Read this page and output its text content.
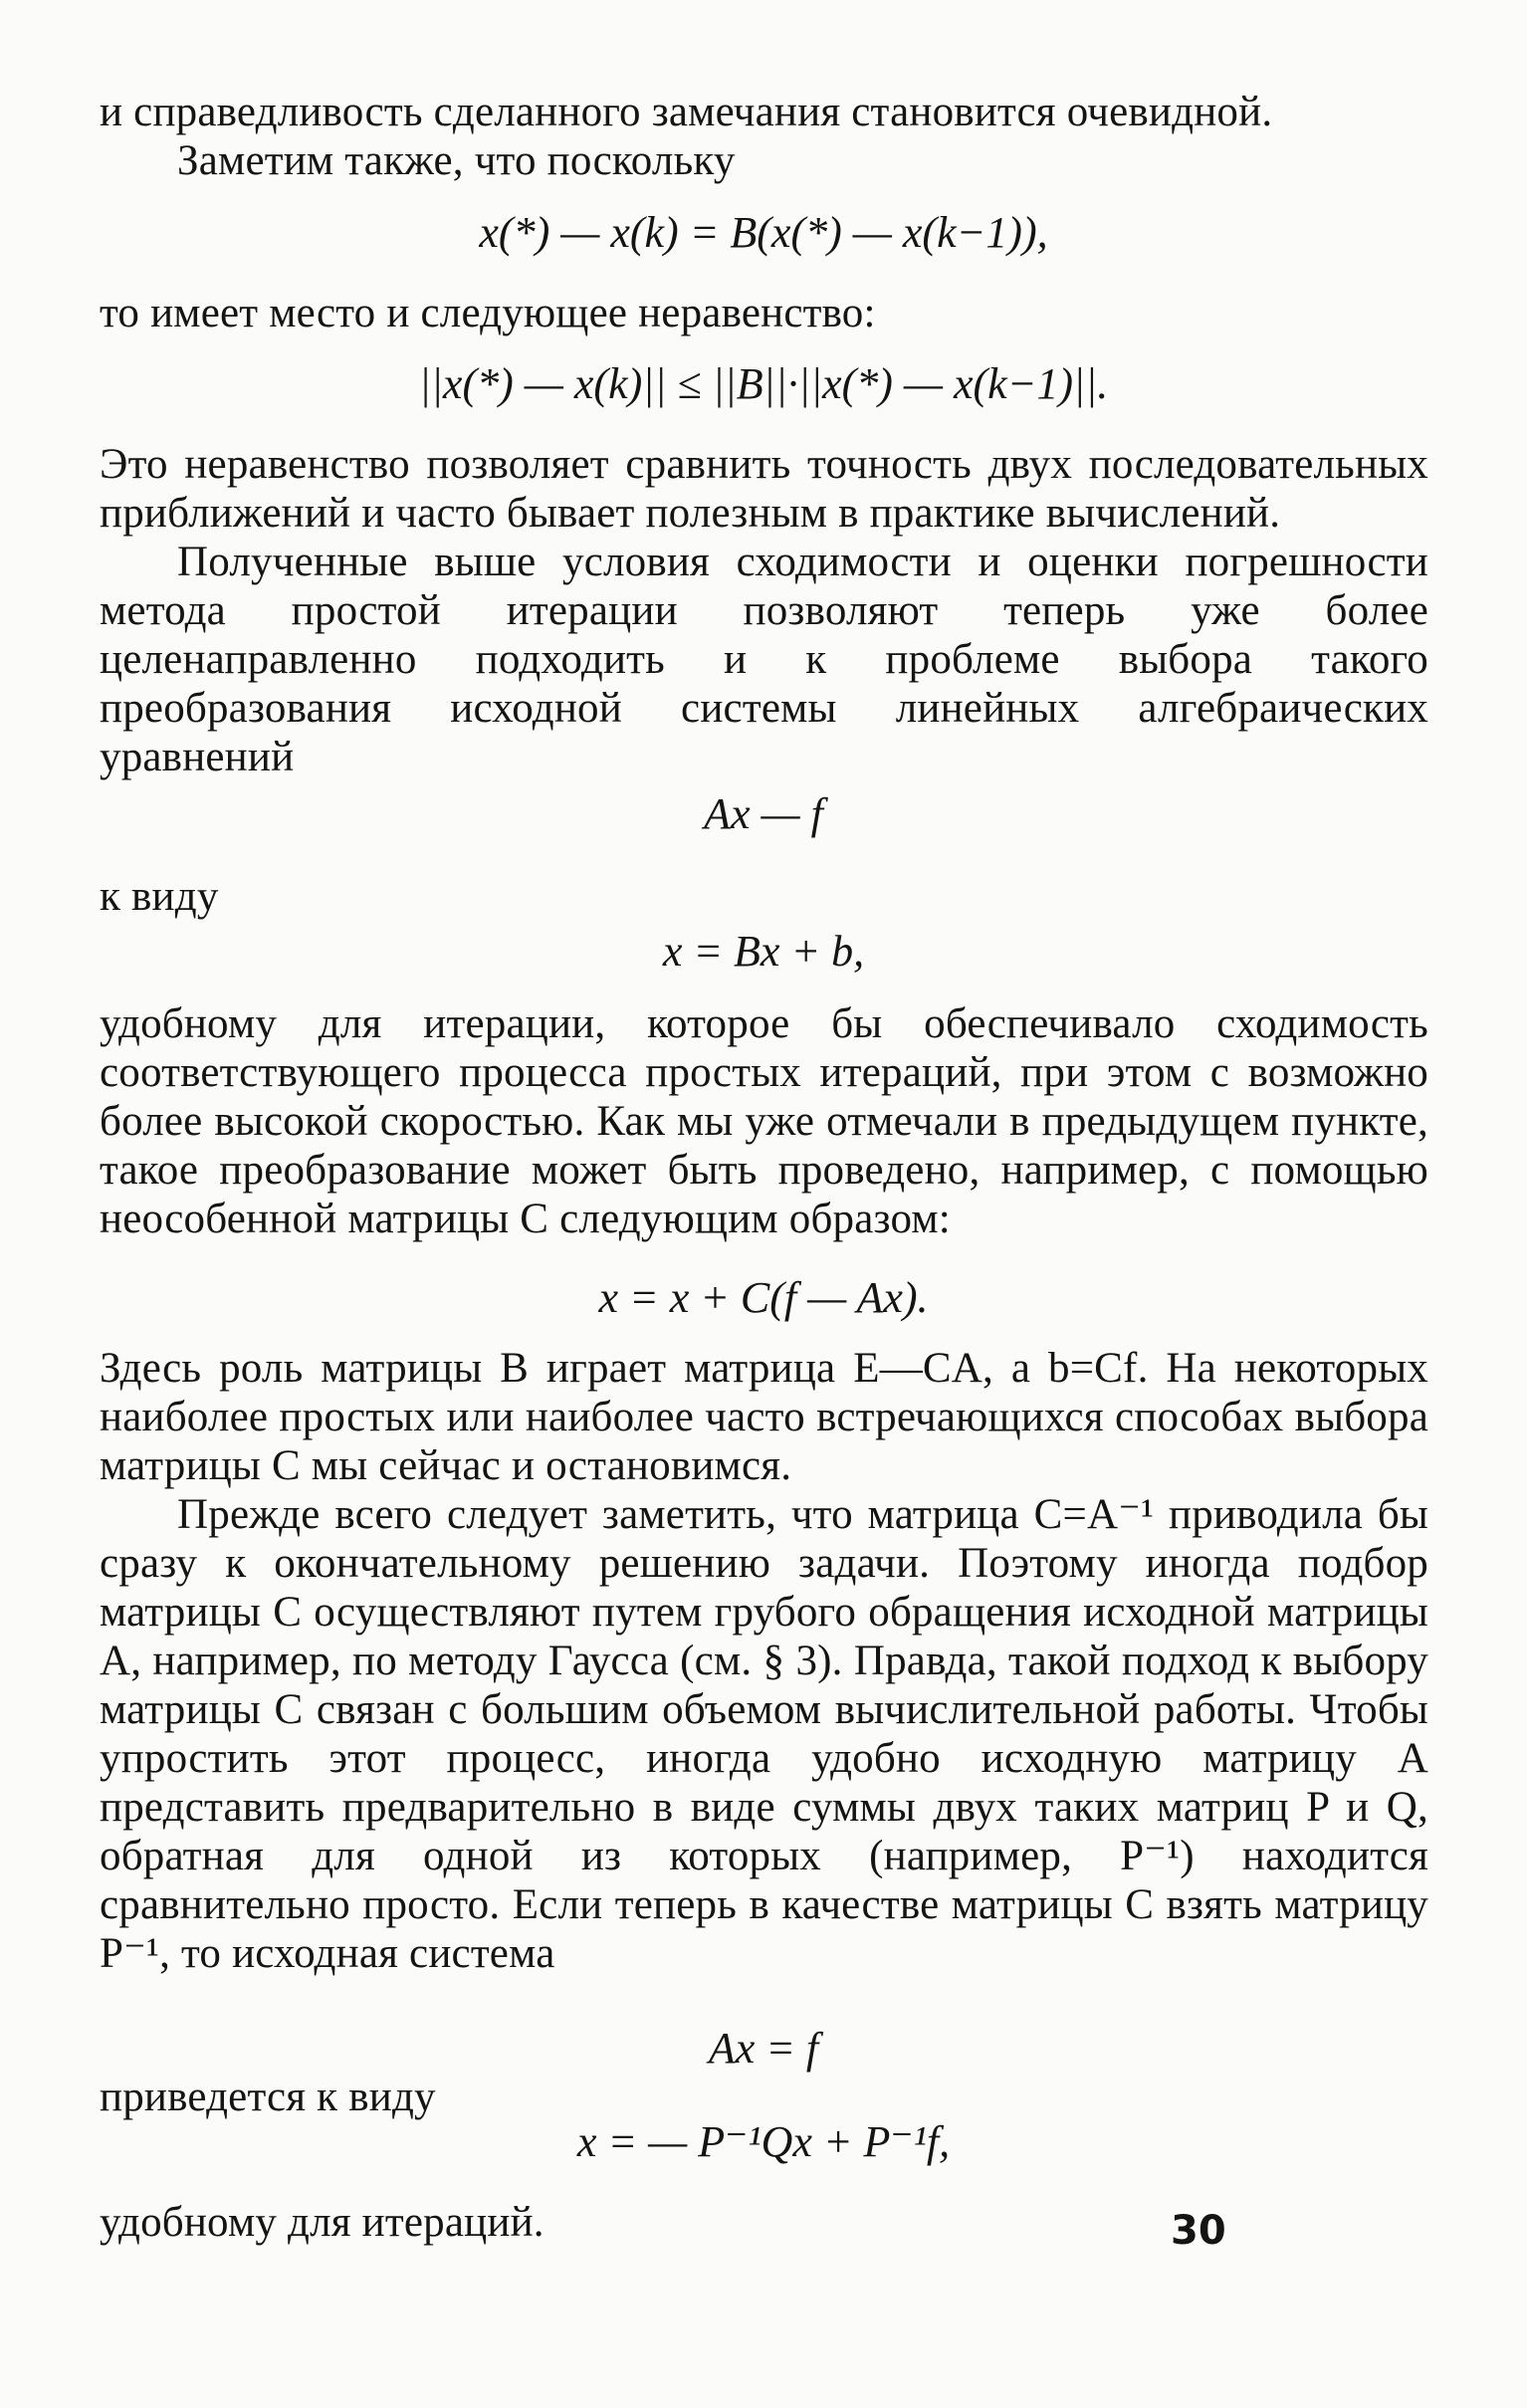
и справедливость сделанного замечания становится очевидной.

Заметим также, что поскольку

x(*) — x(k) = B(x(*) — x(k−1)),

то имеет место и следующее неравенство:

||x(*) — x(k)|| ≤ ||B||·||x(*) — x(k−1)||.

Это неравенство позволяет сравнить точность двух последовательных приближений и часто бывает полезным в практике вычислений.

Полученные выше условия сходимости и оценки погрешности метода простой итерации позволяют теперь уже более целенаправленно подходить и к проблеме выбора такого преобразования исходной системы линейных алгебраических уравнений

Ax — f

к виду

x = Bx + b,

удобному для итерации, которое бы обеспечивало сходимость соответствующего процесса простых итераций, при этом с возможно более высокой скоростью. Как мы уже отмечали в предыдущем пункте, такое преобразование может быть проведено, например, с помощью неособенной матрицы C следующим образом:

x = x + C(f — Ax).

Здесь роль матрицы B играет матрица E—CA, а b=Cf. На некоторых наиболее простых или наиболее часто встречающихся способах выбора матрицы C мы сейчас и остановимся.

Прежде всего следует заметить, что матрица C=A⁻¹ приводила бы сразу к окончательному решению задачи. Поэтому иногда подбор матрицы C осуществляют путем грубого обращения исходной матрицы A, например, по методу Гаусса (см. § 3). Правда, такой подход к выбору матрицы C связан с большим объемом вычислительной работы. Чтобы упростить этот процесс, иногда удобно исходную матрицу A представить предварительно в виде суммы двух таких матриц P и Q, обратная для одной из которых (например, P⁻¹) находится сравнительно просто. Если теперь в качестве матрицы C взять матрицу P⁻¹, то исходная система

Ax = f

приведется к виду

x = — P⁻¹Qx + P⁻¹f,

удобному для итераций.	30
